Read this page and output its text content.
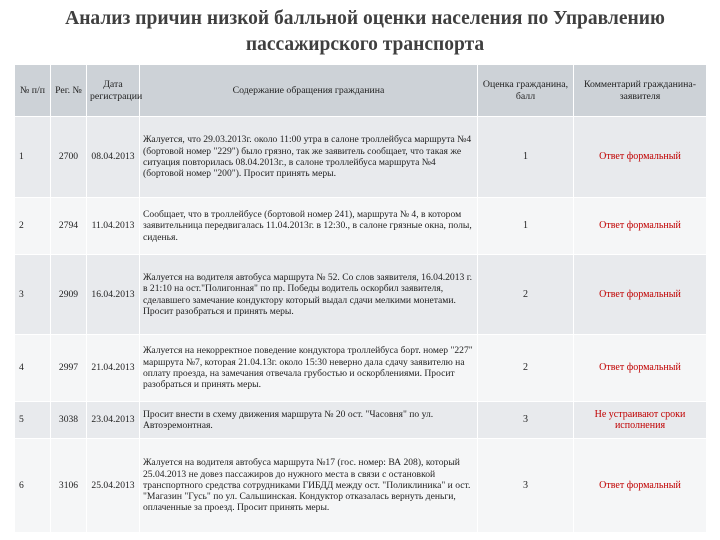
Анализ причин низкой балльной оценки населения по Управлению пассажирского транспорта
№ п/п	Рег. №	Дата регистрации	Содержание обращения гражданина	Оценка гражданина, балл	Комментарий гражданина-заявителя
1	2700	08.04.2013	Жалуется, что 29.03.2013г. около 11:00 утра в салоне троллейбуса маршрута №4 (бортовой номер "229") было грязно, так же заявитель сообщает, что такая же ситуация повторилась 08.04.2013г., в салоне троллейбуса маршрута №4 (бортовой номер "200"). Просит принять меры.	1	Ответ формальный
2	2794	11.04.2013	Сообщает, что в троллейбусе (бортовой номер 241), маршрута № 4, в котором заявительница передвигалась 11.04.2013г. в 12:30., в салоне грязные окна, полы, сиденья.	1	Ответ формальный
3	2909	16.04.2013	Жалуется на водителя автобуса маршрута № 52. Со слов заявителя, 16.04.2013 г. в 21:10 на ост."Полигонная" по пр. Победы водитель оскорбил заявителя, сделавшего замечание кондуктору который выдал сдачи мелкими монетами. Просит разобраться и принять меры.	2	Ответ формальный
4	2997	21.04.2013	Жалуется на некорректное поведение кондуктора троллейбуса борт. номер "227" маршрута №7, которая 21.04.13г. около 15:30 неверно дала сдачу заявителю на оплату проезда, на замечания отвечала грубостью и оскорблениями. Просит разобраться и принять меры.	2	Ответ формальный
5	3038	23.04.2013	Просит внести в схему движения маршрута № 20 ост. "Часовня" по ул. Автоэремонтная.	3	Не устраивают сроки исполнения
6	3106	25.04.2013	Жалуется на водителя автобуса маршрута №17 (гос. номер: ВА 208), который 25.04.2013 не довез пассажиров до нужного места в связи с остановкой транспортного средства сотрудниками ГИБДД между ост. "Поликлиника" и ост. "Магазин "Гусь" по ул. Сальшинская. Кондуктор отказалась вернуть деньги, оплаченные за проезд. Просит принять меры.	3	Ответ формальный
